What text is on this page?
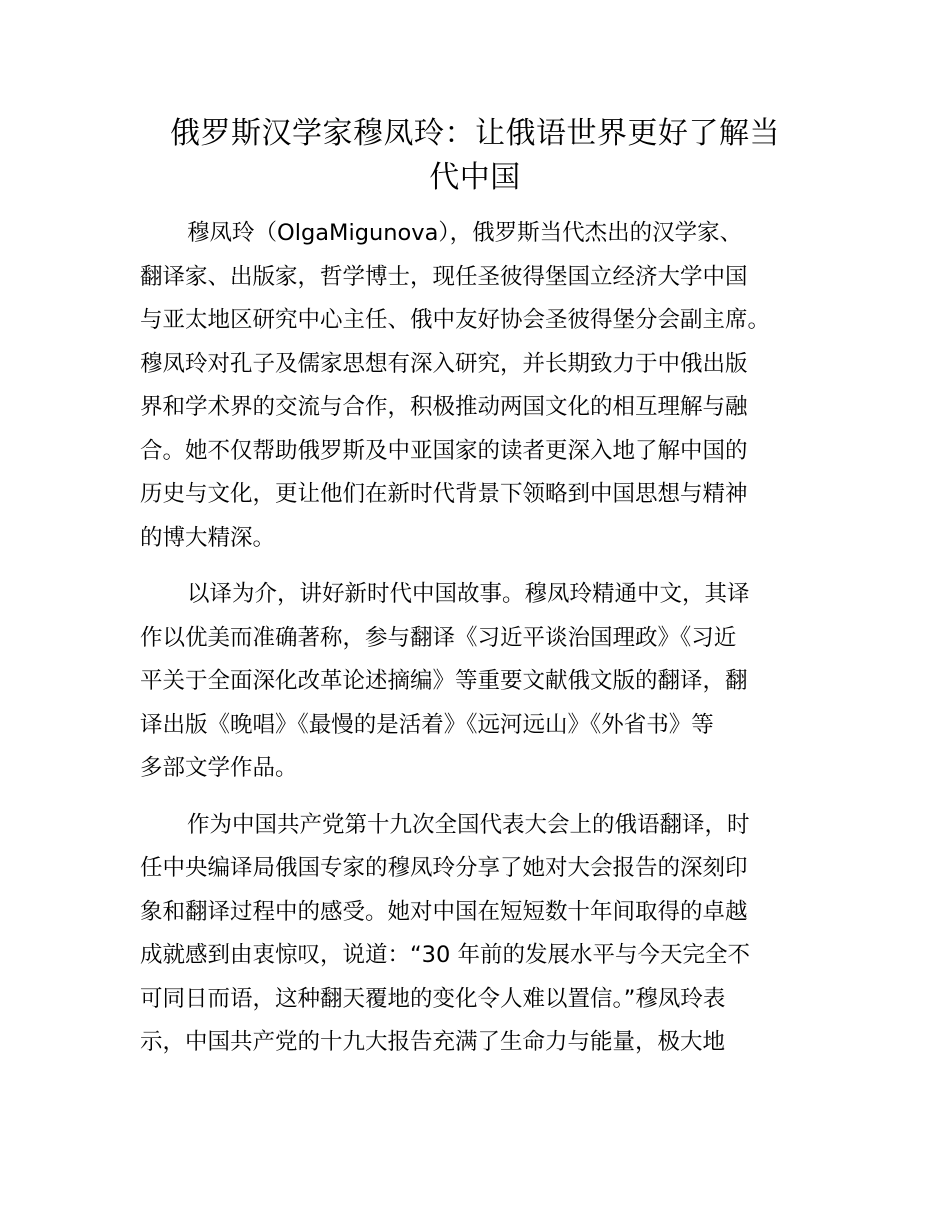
俄罗斯汉学家穆凤玲：让俄语世界更好了解当
代中国

穆凤玲（OlgaMigunova），俄罗斯当代杰出的汉学家、
翻译家、出版家，哲学博士，现任圣彼得堡国立经济大学中国
与亚太地区研究中心主任、俄中友好协会圣彼得堡分会副主席。
穆凤玲对孔子及儒家思想有深入研究，并长期致力于中俄出版
界和学术界的交流与合作，积极推动两国文化的相互理解与融
合。她不仅帮助俄罗斯及中亚国家的读者更深入地了解中国的
历史与文化，更让他们在新时代背景下领略到中国思想与精神
的博大精深。

以译为介，讲好新时代中国故事。穆凤玲精通中文，其译
作以优美而准确著称，参与翻译《习近平谈治国理政》《习近
平关于全面深化改革论述摘编》等重要文献俄文版的翻译，翻
译出版《晚唱》《最慢的是活着》《远河远山》《外省书》等
多部文学作品。

作为中国共产党第十九次全国代表大会上的俄语翻译，时
任中央编译局俄国专家的穆凤玲分享了她对大会报告的深刻印
象和翻译过程中的感受。她对中国在短短数十年间取得的卓越
成就感到由衷惊叹，说道：“30 年前的发展水平与今天完全不
可同日而语，这种翻天覆地的变化令人难以置信。”穆凤玲表
示，中国共产党的十九大报告充满了生命力与能量，极大地
